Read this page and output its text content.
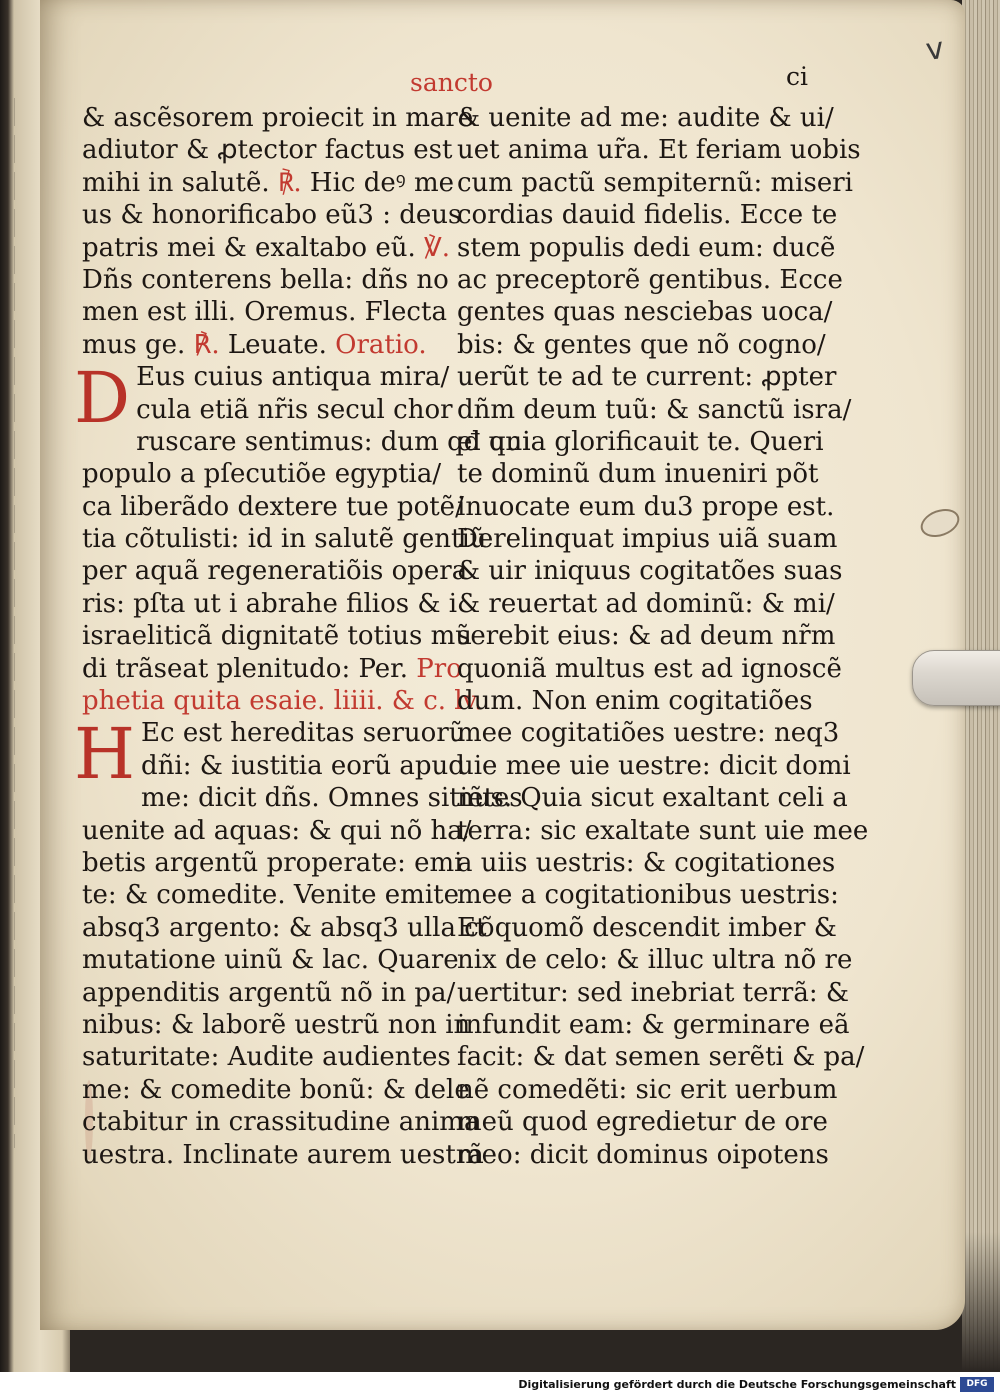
v
sancto	ci
& ascẽsorem proiecit in mare
adiutor & ꝓtector factus est
mihi in salutẽ. ℟. Hic deꝰ me
us & honorificabo eũ3 : deus
patris mei & exaltabo eũ. ℣.
Dñs conterens bella: dñs no
men est illi. Oremus. Flecta
mus ge. ℟. Leuate. Oratio.
D Eus cuius antiqua mira/
cula etiã nr̃is secul chor
ruscare sentimus: dum qđ uni
populo a pſecutiõe egyptia/
ca liberãdo dextere tue potẽ/
tia cõtulisti: id in salutẽ gentiũ
per aquã regeneratiõis opera
ris: pſta ut i abrahe filios & i
israeliticã dignitatẽ totius mũ
di trãseat plenitudo: Per. Pro
phetia quita esaie. liiii. & c. lv.
H Ec est hereditas seruorũ
dñi: & iustitia eorũ apud
me: dicit dñs. Omnes sitiẽtes
uenite ad aquas: & qui nõ ha/
betis argentũ properate: emi
te: & comedite. Venite emite
absq3 argento: & absq3 ulla cõ
mutatione uinũ & lac. Quare
appenditis argentũ nõ in pa/
nibus: & laborẽ uestrũ non in
saturitate: Audite audientes
me: & comedite bonũ: & dele
ctabitur in crassitudine anima
uestra. Inclinate aurem uestrã
& uenite ad me: audite & ui/
uet anima ur̃a. Et feriam uobis
cum pactũ sempiternũ: miseri
cordias dauid fidelis. Ecce te
stem populis dedi eum: ducẽ
ac preceptorẽ gentibus. Ecce
gentes quas nesciebas uoca/
bis: & gentes que nõ cogno/
uerũt te ad te current: ꝓpter
dñm deum tuũ: & sanctũ isra/
el quia glorificauit te. Queri
te dominũ dum inueniri põt
inuocate eum du3 prope est.
Derelinquat impius uiã suam
& uir iniquus cogitatões suas
& reuertat ad dominũ: & mi/
serebit eius: & ad deum nr̃m
quoniã multus est ad ignoscẽ
dum. Non enim cogitatiões
mee cogitatiões uestre: neq3
uie mee uie uestre: dicit domi
nus. Quia sicut exaltant celi a
terra: sic exaltate sunt uie mee
a uiis uestris: & cogitationes
mee a cogitationibus uestris:
Et quomõ descendit imber &
nix de celo: & illuc ultra nõ re
uertitur: sed inebriat terrã: &
infundit eam: & germinare eã
facit: & dat semen serẽti & pa/
nẽ comedẽti: sic erit uerbum
meũ quod egredietur de ore
meo: dicit dominus oipotens
Digitalisierung gefördert durch die Deutsche Forschungsgemeinschaft	DFG
